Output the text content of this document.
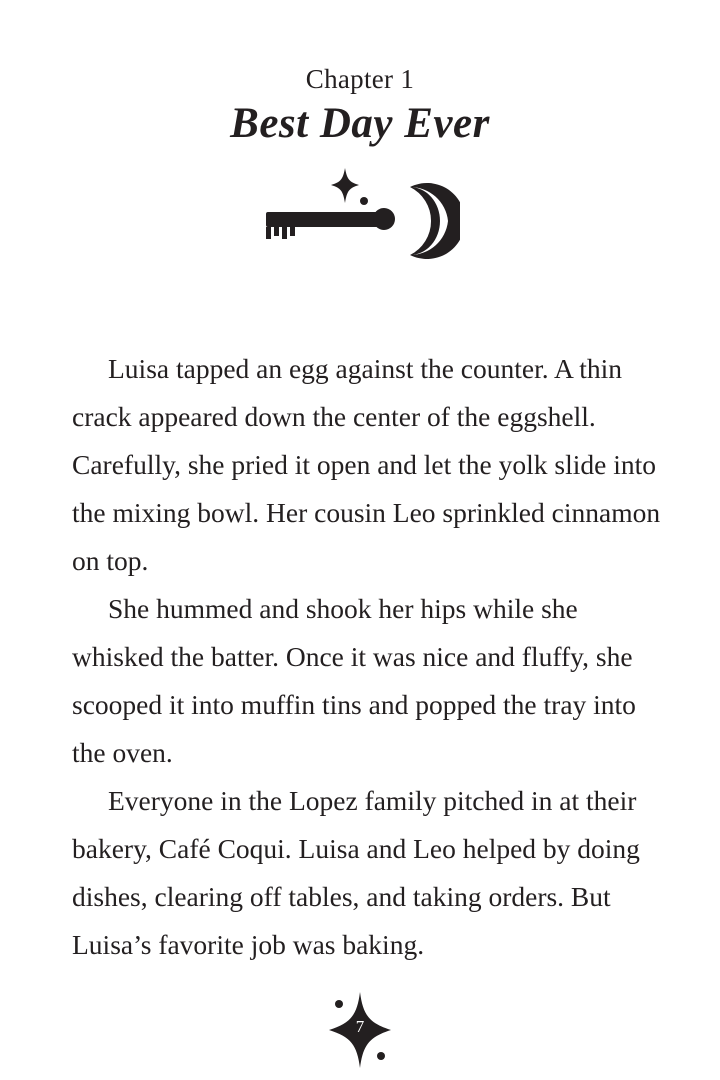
Chapter 1
Best Day Ever

Luisa tapped an egg against the counter. A thin crack appeared down the center of the eggshell. Carefully, she pried it open and let the yolk slide into the mixing bowl. Her cousin Leo sprinkled cinnamon on top.

She hummed and shook her hips while she whisked the batter. Once it was nice and fluffy, she scooped it into muffin tins and popped the tray into the oven.

Everyone in the Lopez family pitched in at their bakery, Café Coqui. Luisa and Leo helped by doing dishes, clearing off tables, and taking orders. But Luisa’s favorite job was baking.

7
